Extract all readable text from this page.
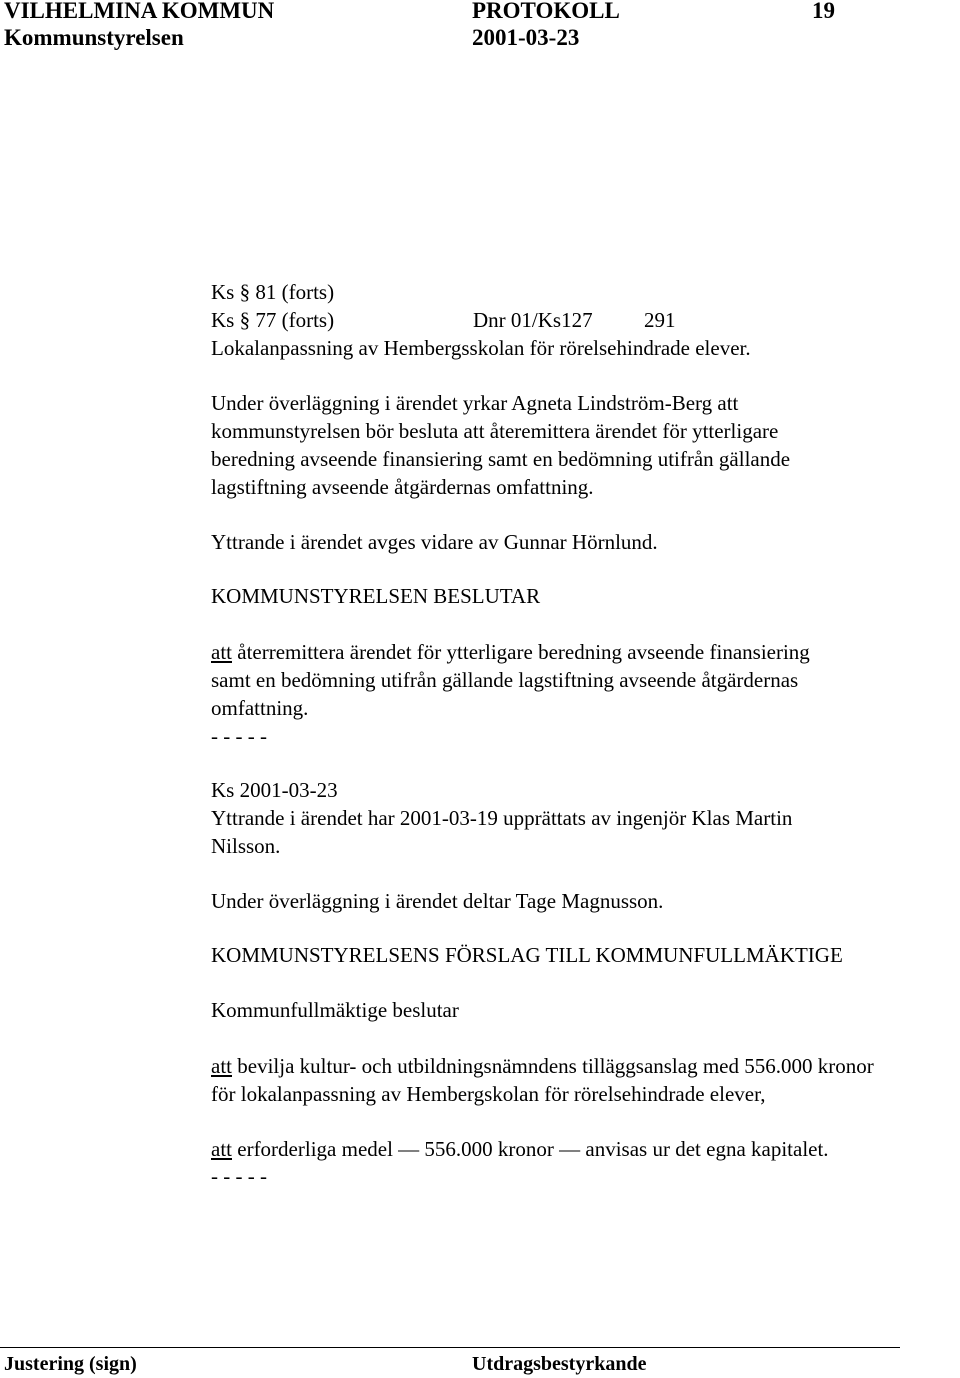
VILHELMINA KOMMUN
Kommunstyrelsen
PROTOKOLL
2001-03-23
19

Ks § 81 (forts)

Ks § 77 (forts)	Dnr 01/Ks127 291

Lokalanpassning av Hembergsskolan för rörelsehindrade elever.

Under överläggning i ärendet yrkar Agneta Lindström-Berg att

kommunstyrelsen bör besluta att återemittera ärendet för ytterligare

beredning avseende finansiering samt en bedömning utifrån gällande

lagstiftning avseende åtgärdernas omfattning.

Yttrande i ärendet avges vidare av Gunnar Hörnlund.

KOMMUNSTYRELSEN BESLUTAR

att återremittera ärendet för ytterligare beredning avseende finansiering

samt en bedömning utifrån gällande lagstiftning avseende åtgärdernas

omfattning.

- - - - -

Ks 2001-03-23

Yttrande i ärendet har 2001-03-19 upprättats av ingenjör Klas Martin

Nilsson.

Under överläggning i ärendet deltar Tage Magnusson.

KOMMUNSTYRELSENS FÖRSLAG TILL KOMMUNFULLMÄKTIGE

Kommunfullmäktige beslutar

att bevilja kultur- och utbildningsnämndens tilläggsanslag med 556.000 kronor

för lokalanpassning av Hembergskolan för rörelsehindrade elever,

att erforderliga medel — 556.000 kronor — anvisas ur det egna kapitalet.

- - - - -

Justering (sign)	Utdragsbestyrkande
